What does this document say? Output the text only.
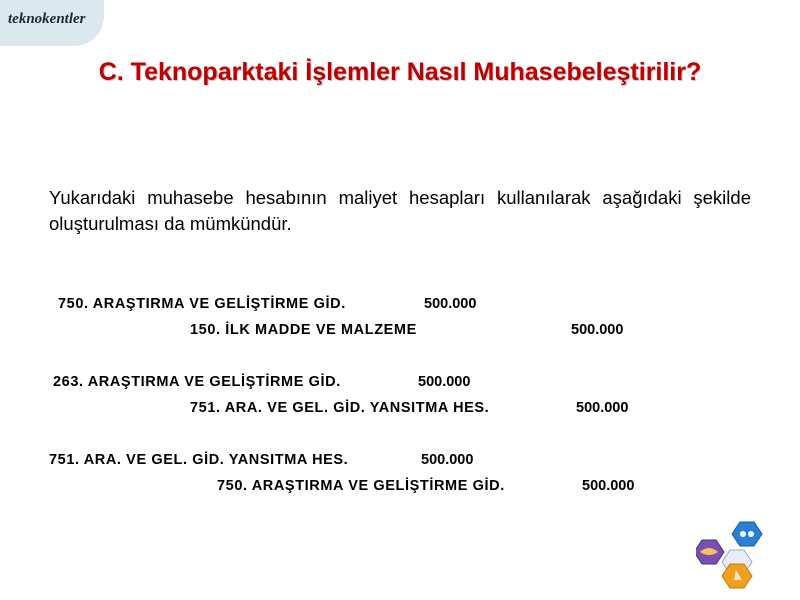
teknokentler
C. Teknoparktaki İşlemler Nasıl Muhasebeleştirilir?

Yukarıdaki muhasebe hesabının maliyet hesapları kullanılarak aşağıdaki şekilde oluşturulması da mümkündür.

750. ARAŞTIRMA VE GELİŞTİRME GİD.	500.000
150. İLK MADDE VE MALZEME	500.000
263. ARAŞTIRMA VE GELİŞTİRME GİD.	500.000
751. ARA. VE GEL. GİD. YANSITMA HES.	500.000
751. ARA. VE GEL. GİD. YANSITMA HES.	500.000
750. ARAŞTIRMA VE GELİŞTİRME GİD.	500.000
